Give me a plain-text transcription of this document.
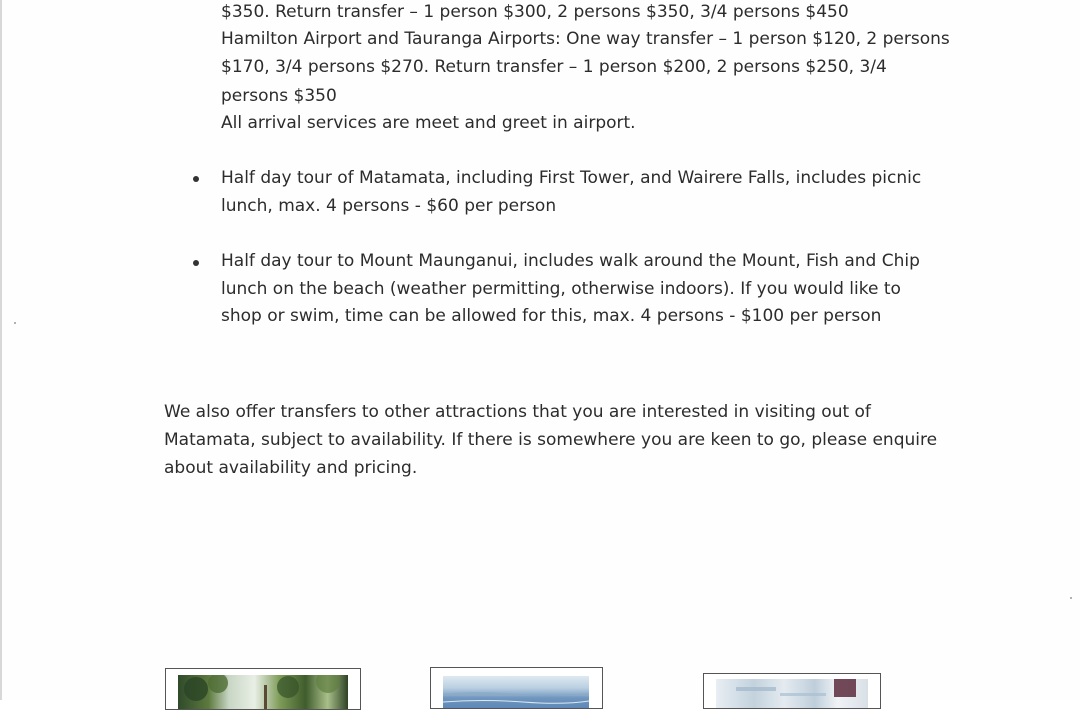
$350. Return transfer – 1 person $300, 2 persons $350, 3/4 persons $450
Hamilton Airport and Tauranga Airports: One way transfer – 1 person $120, 2 persons
$170, 3/4 persons $270. Return transfer – 1 person $200, 2 persons $250, 3/4
persons $350
All arrival services are meet and greet in airport.
Half day tour of Matamata, including First Tower, and Wairere Falls, includes picnic
lunch, max. 4 persons - $60 per person
Half day tour to Mount Maunganui, includes walk around the Mount, Fish and Chip
lunch on the beach (weather permitting, otherwise indoors). If you would like to
shop or swim, time can be allowed for this, max. 4 persons - $100 per person
We also offer transfers to other attractions that you are interested in visiting out of
Matamata, subject to availability. If there is somewhere you are keen to go, please enquire
about availability and pricing.
